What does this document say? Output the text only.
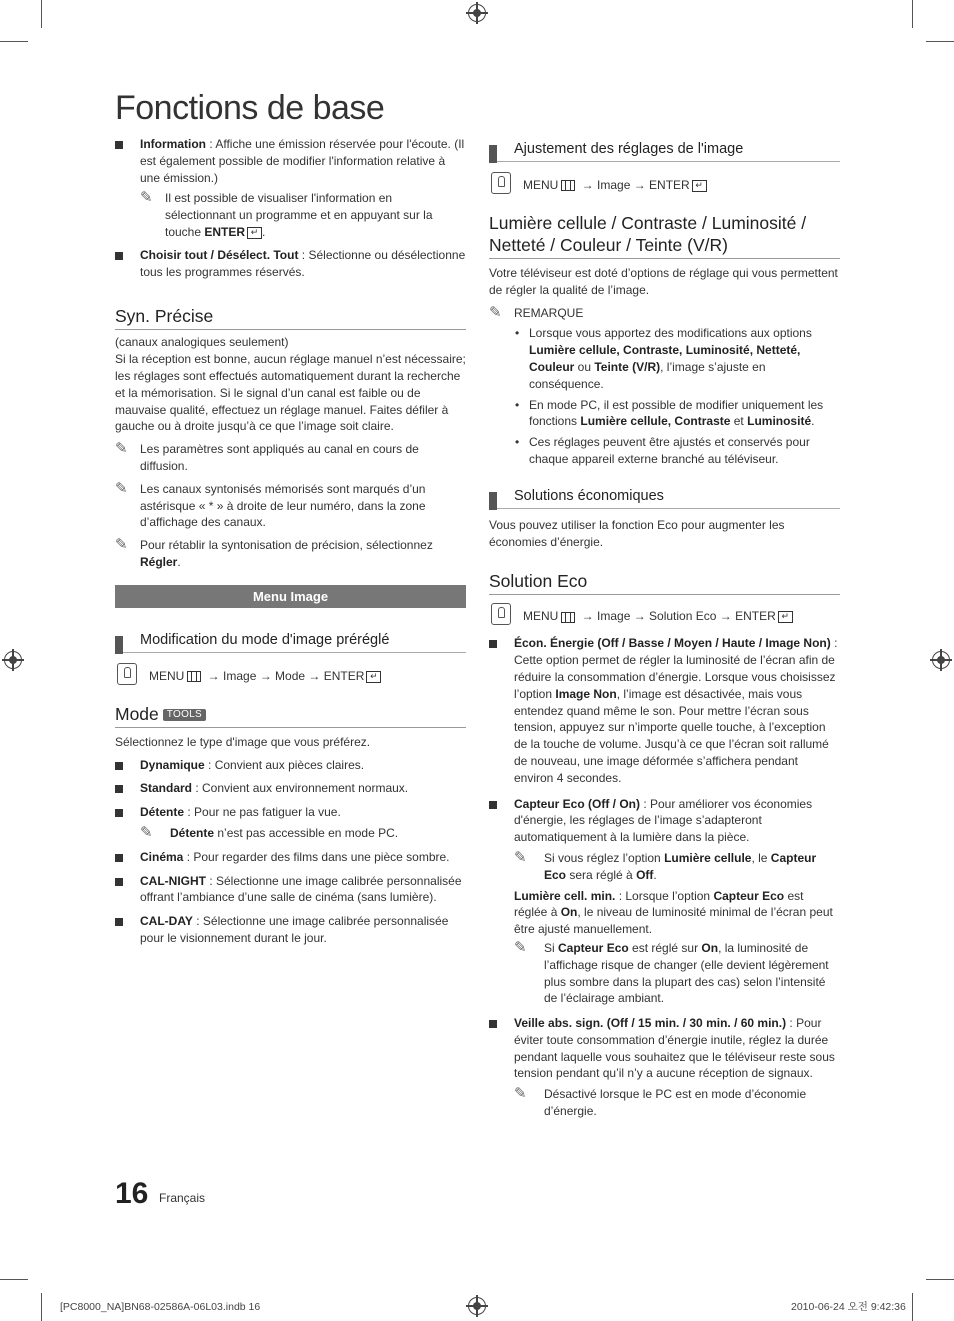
Fonctions de base
Information : Affiche une émission réservée pour l'écoute. (Il est également possible de modifier l'information relative à une émission.)
✎ Il est possible de visualiser l'information en sélectionnant un programme et en appuyant sur la touche ENTER ↵ .
Choisir tout / Désélect. Tout : Sélectionne ou désélectionne tous les programmes réservés.
Syn. Précise

(canaux analogiques seulement)

Si la réception est bonne, aucun réglage manuel n’est nécessaire; les réglages sont effectués automatiquement durant la recherche et la mémorisation. Si le signal d’un canal est faible ou de mauvaise qualité, effectuez un réglage manuel. Faites défiler à gauche ou à droite jusqu’à ce que l’image soit claire.

✎ Les paramètres sont appliqués au canal en cours de diffusion.
✎ Les canaux syntonisés mémorisés sont marqués d’un astérisque « * » à droite de leur numéro, dans la zone d’affichage des canaux.
✎ Pour rétablir la syntonisation de précision, sélectionnez Régler.
Menu Image
Modification du mode d'image préréglé
MENU → Image → Mode → ENTER ↵
Mode TOOLS

Sélectionnez le type d'image que vous préférez.

Dynamique : Convient aux pièces claires.
Standard : Convient aux environnement normaux.
Détente : Pour ne pas fatiguer la vue.
✎ Détente n’est pas accessible en mode PC.
Cinéma : Pour regarder des films dans une pièce sombre.
CAL-NIGHT : Sélectionne une image calibrée personnalisée offrant l’ambiance d’une salle de cinéma (sans lumière).
CAL-DAY : Sélectionne une image calibrée personnalisée pour le visionnement durant le jour.
Ajustement des réglages de l'image
MENU → Image → ENTER ↵
Lumière cellule / Contraste / Luminosité / Netteté / Couleur / Teinte (V/R)

Votre téléviseur est doté d’options de réglage qui vous permettent de régler la qualité de l’image.

✎ REMARQUE
• Lorsque vous apportez des modifications aux options Lumière cellule, Contraste, Luminosité, Netteté, Couleur ou Teinte (V/R), l’image s’ajuste en conséquence.
• En mode PC, il est possible de modifier uniquement les fonctions Lumière cellule, Contraste et Luminosité.
• Ces réglages peuvent être ajustés et conservés pour chaque appareil externe branché au téléviseur.
Solutions économiques

Vous pouvez utiliser la fonction Eco pour augmenter les économies d’énergie.

Solution Eco
MENU → Image → Solution Eco → ENTER ↵
Écon. Énergie (Off / Basse / Moyen / Haute / Image Non) : Cette option permet de régler la luminosité de l’écran afin de réduire la consommation d’énergie. Lorsque vous choisissez l’option Image Non, l’image est désactivée, mais vous entendez quand même le son. Pour mettre l’écran sous tension, appuyez sur n’importe quelle touche, à l’exception de la touche de volume. Jusqu’à ce que l’écran soit rallumé de nouveau, une image déformée s’affichera pendant environ 4 secondes.
Capteur Eco (Off / On) : Pour améliorer vos économies d'énergie, les réglages de l’image s’adapteront automatiquement à la lumière dans la pièce.
✎ Si vous réglez l’option Lumière cellule, le Capteur Eco sera réglé à Off.
Lumière cell. min. : Lorsque l’option Capteur Eco est réglée à On, le niveau de luminosité minimal de l’écran peut être ajusté manuellement.
✎ Si Capteur Eco est réglé sur On, la luminosité de l’affichage risque de changer (elle devient légèrement plus sombre dans la plupart des cas) selon l’intensité de l’éclairage ambiant.
Veille abs. sign. (Off / 15 min. / 30 min. / 60 min.) : Pour éviter toute consommation d’énergie inutile, réglez la durée pendant laquelle vous souhaitez que le téléviseur reste sous tension pendant qu’il n’y a aucune réception de signaux.
✎ Désactivé lorsque le PC est en mode d’économie d’énergie.
16 Français
[PC8000_NA]BN68-02586A-06L03.indb 16	2010-06-24 오전 9:42:36
